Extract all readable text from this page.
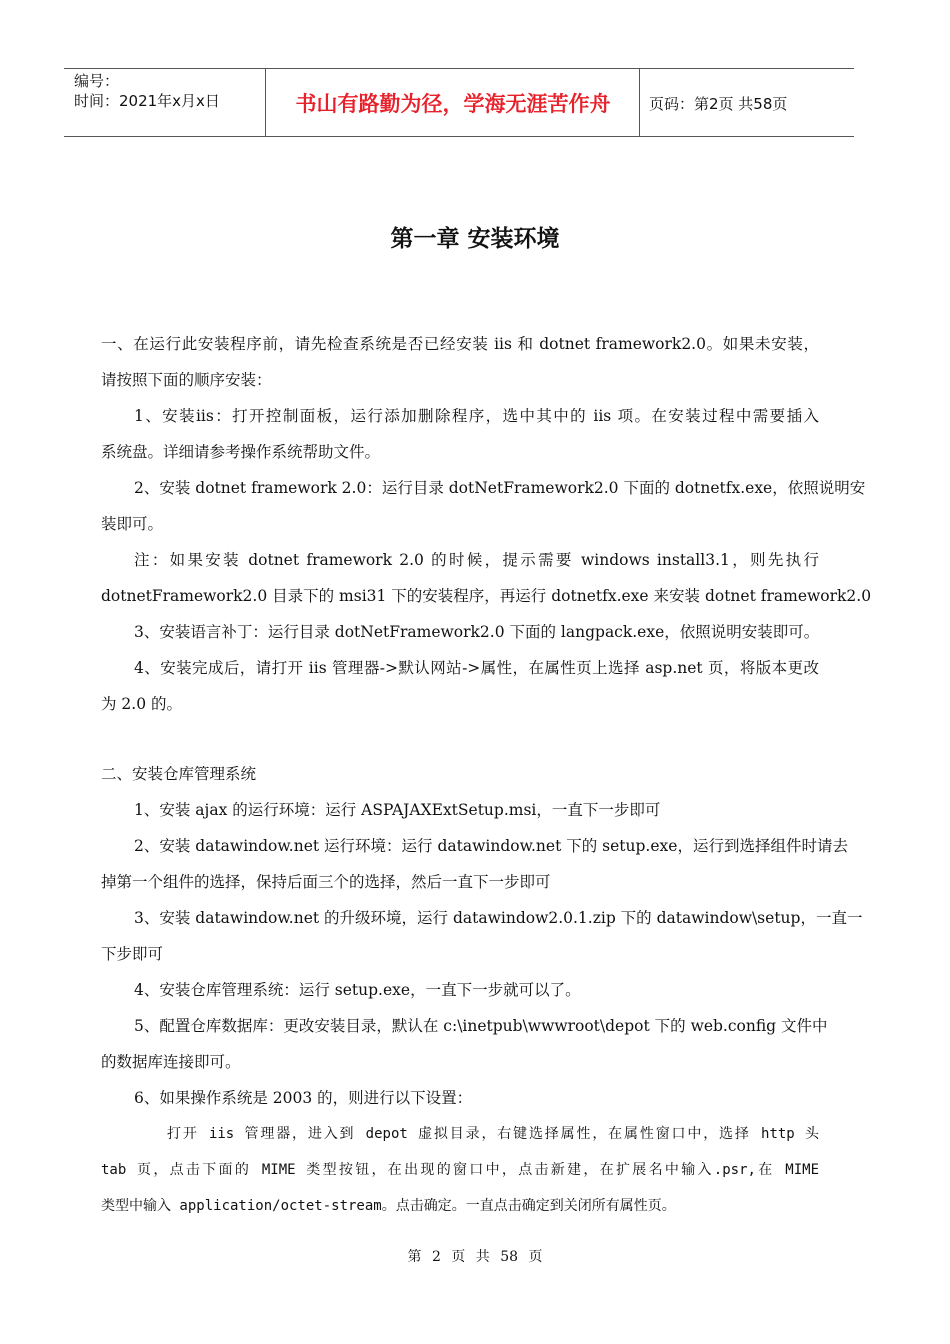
编号：
时间：2021年x月x日	书山有路勤为径，学海无涯苦作舟	页码：第2页 共58页
第一章 安装环境
一、在运行此安装程序前，请先检查系统是否已经安装 iis 和 dotnet framework2.0。如果未安装，
请按照下面的顺序安装：
1、安装iis：打开控制面板，运行添加删除程序，选中其中的 iis 项。在安装过程中需要插入
系统盘。详细请参考操作系统帮助文件。
2、安装 dotnet framework 2.0：运行目录 dotNetFramework2.0 下面的 dotnetfx.exe，依照说明安
装即可。
注：如果安装 dotnet framework 2.0 的时候，提示需要 windows install3.1，则先执行
dotnetFramework2.0 目录下的 msi31 下的安装程序，再运行 dotnetfx.exe 来安装 dotnet framework2.0
3、安装语言补丁：运行目录 dotNetFramework2.0 下面的 langpack.exe，依照说明安装即可。
4、安装完成后，请打开 iis 管理器->默认网站->属性，在属性页上选择 asp.net 页，将版本更改
为 2.0 的。
二、安装仓库管理系统
1、安装 ajax 的运行环境：运行 ASPAJAXExtSetup.msi，一直下一步即可
2、安装 datawindow.net 运行环境：运行 datawindow.net 下的 setup.exe，运行到选择组件时请去
掉第一个组件的选择，保持后面三个的选择，然后一直下一步即可
3、安装 datawindow.net 的升级环境，运行 datawindow2.0.1.zip 下的 datawindow\setup，一直一
下步即可
4、安装仓库管理系统：运行 setup.exe，一直下一步就可以了。
5、配置仓库数据库：更改安装目录，默认在 c:\inetpub\wwwroot\depot 下的 web.config 文件中
的数据库连接即可。
6、如果操作系统是 2003 的，则进行以下设置：
打开 iis 管理器，进入到 depot 虚拟目录，右键选择属性，在属性窗口中，选择 http 头
tab 页，点击下面的 MIME 类型按钮，在出现的窗口中，点击新建，在扩展名中输入.psr,在 MIME
类型中输入 application/octet-stream。点击确定。一直点击确定到关闭所有属性页。
第 2 页 共 58 页
